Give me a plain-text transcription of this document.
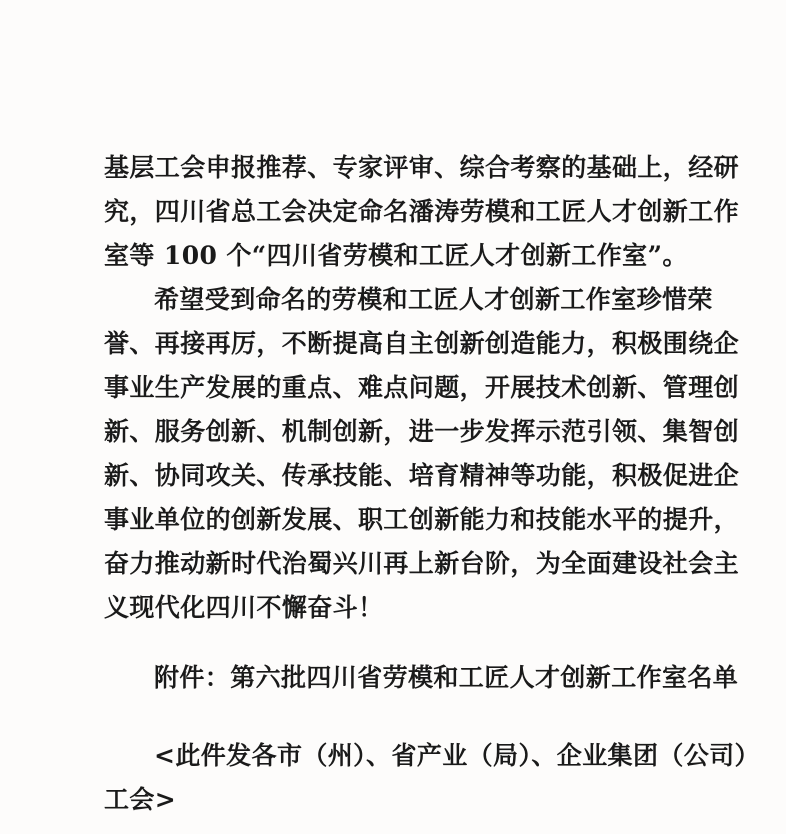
基层工会申报推荐、专家评审、综合考察的基础上，经研
究，四川省总工会决定命名潘涛劳模和工匠人才创新工作
室等 100 个“四川省劳模和工匠人才创新工作室”。
希望受到命名的劳模和工匠人才创新工作室珍惜荣
誉、再接再厉，不断提高自主创新创造能力，积极围绕企
事业生产发展的重点、难点问题，开展技术创新、管理创
新、服务创新、机制创新，进一步发挥示范引领、集智创
新、协同攻关、传承技能、培育精神等功能，积极促进企
事业单位的创新发展、职工创新能力和技能水平的提升，
奋力推动新时代治蜀兴川再上新台阶，为全面建设社会主
义现代化四川不懈奋斗！
附件：第六批四川省劳模和工匠人才创新工作室名单
<此件发各市（州）、省产业（局）、企业集团（公司）
工会>
